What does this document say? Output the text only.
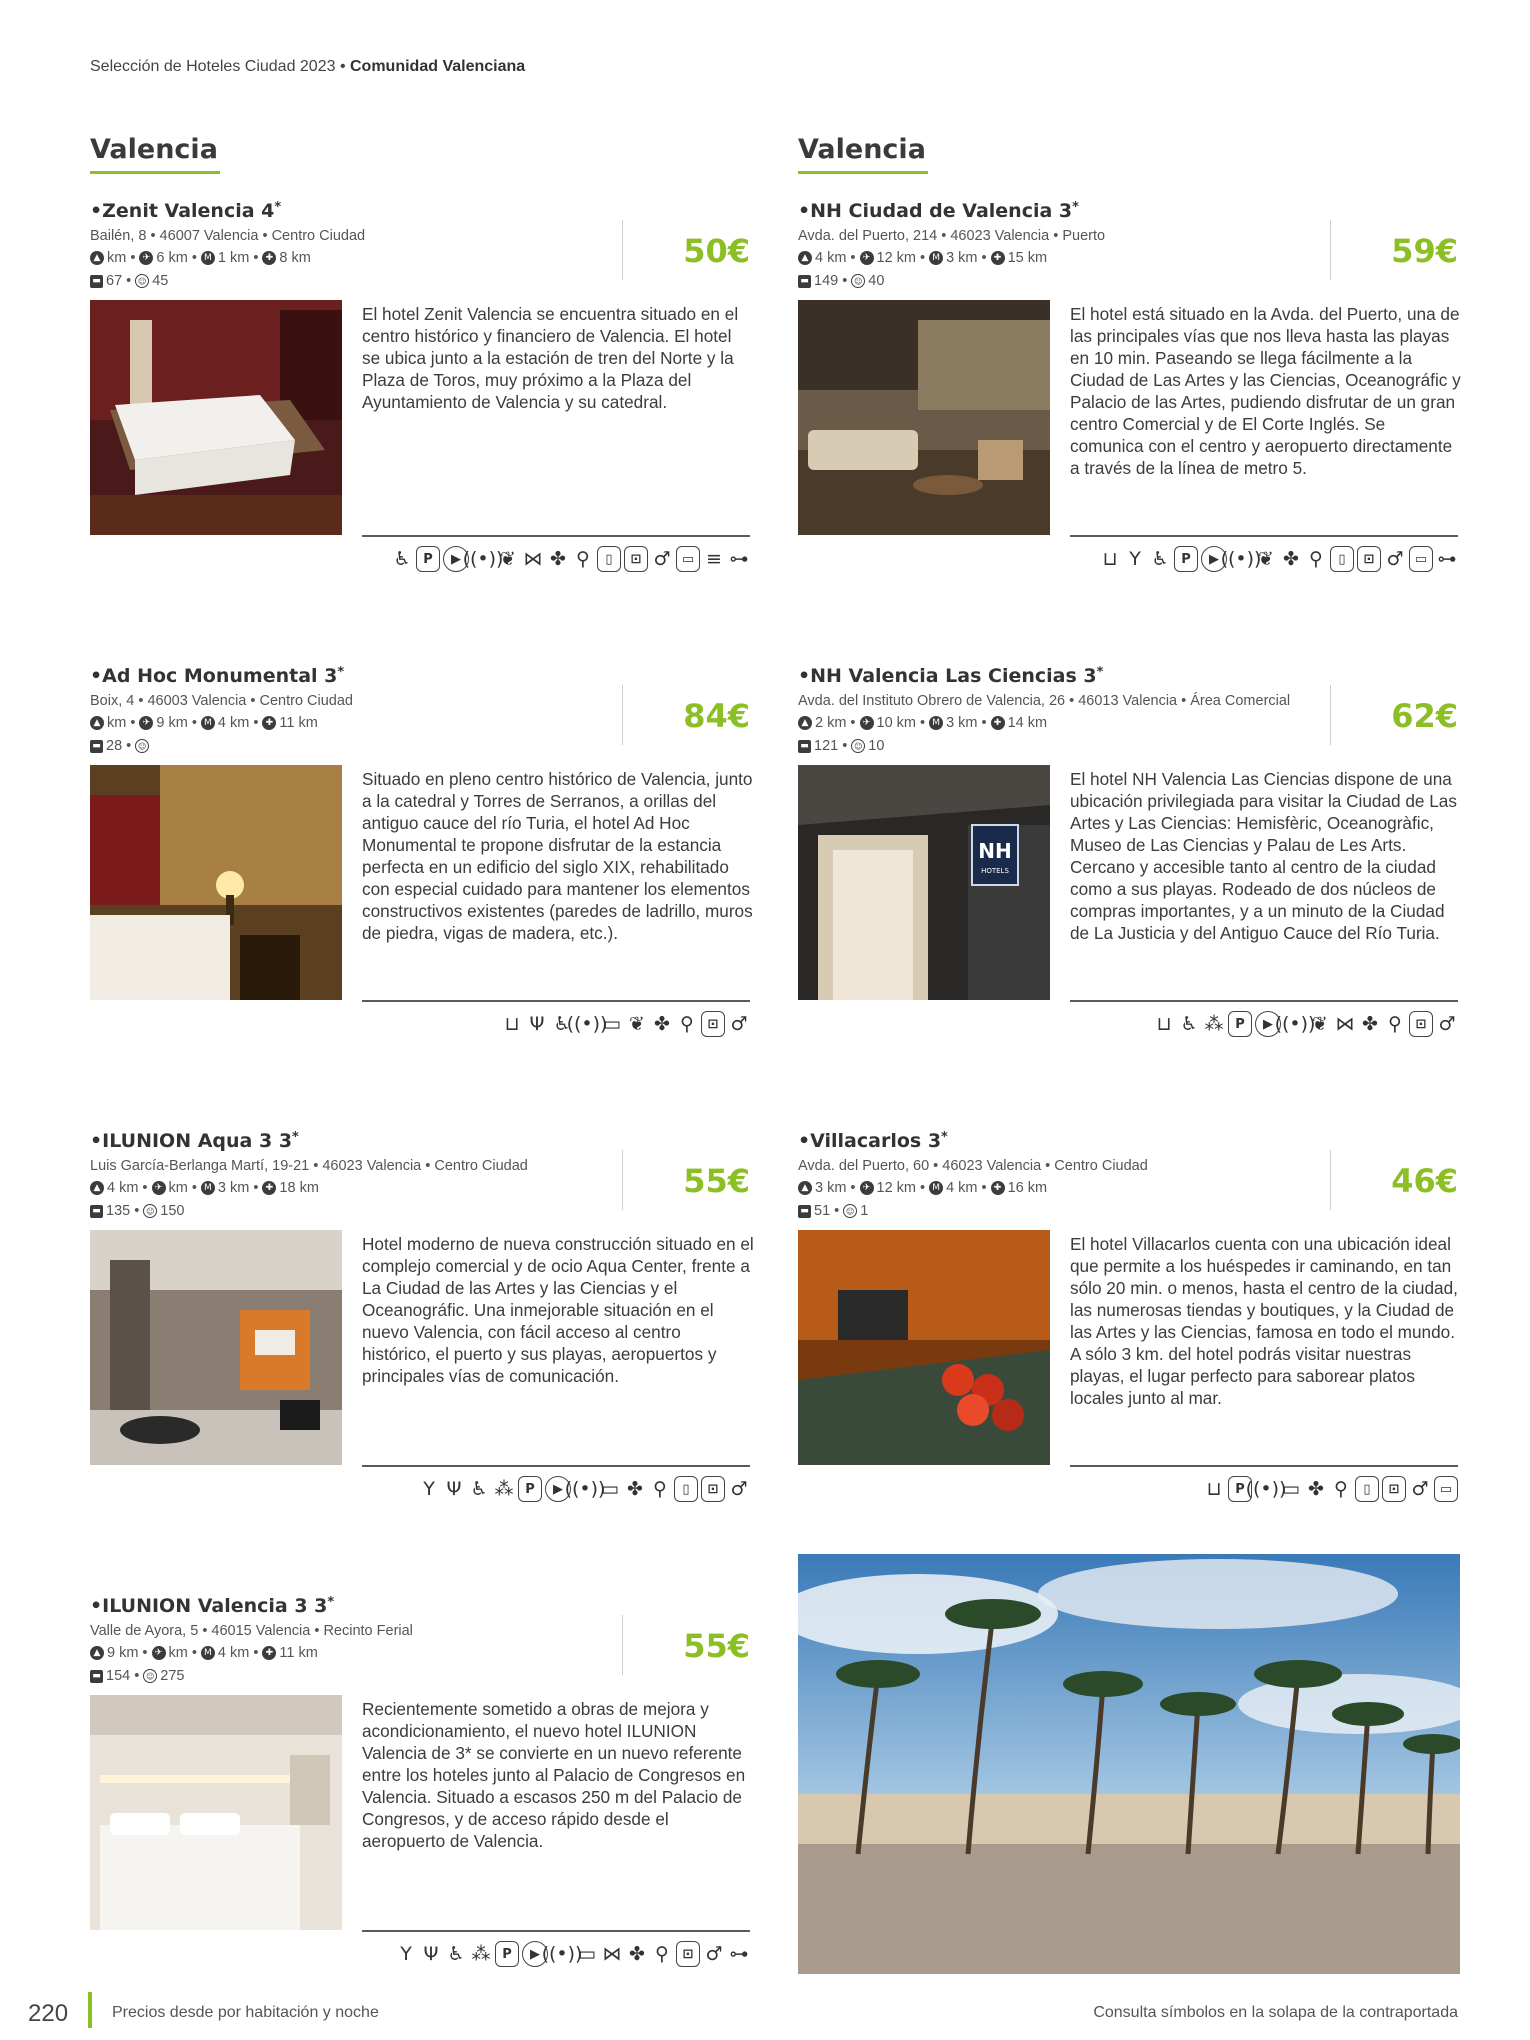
Selección de Hoteles Ciudad 2023 • Comunidad Valenciana
Valencia	Valencia
•Zenit Valencia 4*
Bailén, 8 • 46007 Valencia • Centro Ciudad
▲ km • ✈ 6 km • M 1 km • ✚ 8 km
▬ 67 • ☺ 45
50€
El hotel Zenit Valencia se encuentra situado en el centro histórico y financiero de Valencia. El hotel se ubica junto a la estación de tren del Norte y la Plaza de Toros, muy próximo a la Plaza del Ayuntamiento de Valencia y su catedral.
♿ P	▶ ((•))
❦ ⋈ ✤ ⚲	▯	⊡ ♂ ▭ ≡ ⊶
•NH Ciudad de Valencia 3*
Avda. del Puerto, 214 • 46023 Valencia • Puerto
▲ 4 km • ✈ 12 km • M 3 km • ✚ 15 km
▬ 149 • ☺ 40
59€
El hotel está situado en la Avda. del Puerto, una de las principales vías que nos lleva hasta las playas en 10 min. Paseando se llega fácilmente a la Ciudad de Las Artes y las Ciencias, Oceanográfic y Palacio de las Artes, pudiendo disfrutar de un gran centro Comercial y de El Corte Inglés. Se comunica con el centro y aeropuerto directamente a través de la línea de metro 5.
⊔ Y ♿ P	▶ ((•))
❦ ✤ ⚲	▯	⊡ ♂ ▭ ⊶
•Ad Hoc Monumental 3*
Boix, 4 • 46003 Valencia • Centro Ciudad
▲ km • ✈ 9 km • M 4 km • ✚ 11 km
▬ 28 • ☺
84€
Situado en pleno centro histórico de Valencia, junto a la catedral y Torres de Serranos, a orillas del antiguo cauce del río Turia, el hotel Ad Hoc Monumental te propone disfrutar de la estancia perfecta en un edificio del siglo XIX, rehabilitado con especial cuidado para mantener los elementos constructivos existentes (paredes de ladrillo, muros de piedra, vigas de madera, etc.).
⊔ Ψ ♿
((•))
▭ ❦ ✤ ⚲	⊡ ♂
•NH Valencia Las Ciencias 3*
Avda. del Instituto Obrero de Valencia, 26 • 46013 Valencia • Área Comercial
▲ 2 km • ✈ 10 km • M 3 km • ✚ 14 km
▬ 121 • ☺ 10
62€
NH
HOTELS
El hotel NH Valencia Las Ciencias dispone de una ubicación privilegiada para visitar la Ciudad de Las Artes y Las Ciencias: Hemisfèric, Oceanogràfic, Museo de Las Ciencias y Palau de Les Arts. Cercano y accesible tanto al centro de la ciudad como a sus playas. Rodeado de dos núcleos de compras importantes, y a un minuto de la Ciudad de La Justicia y del Antiguo Cauce del Río Turia.
⊔ ♿ ⁂ P	▶ ((•))
❦ ⋈ ✤ ⚲	⊡ ♂
•ILUNION Aqua 3 3*
Luis García-Berlanga Martí, 19-21 • 46023 Valencia • Centro Ciudad
▲ 4 km • ✈ km • M 3 km • ✚ 18 km
▬ 135 • ☺ 150
55€
Hotel moderno de nueva construcción situado en el complejo comercial y de ocio Aqua Center, frente a La Ciudad de las Artes y las Ciencias y el Oceanográfic. Una inmejorable situación en el nuevo Valencia, con fácil acceso al centro histórico, el puerto y sus playas, aeropuertos y principales vías de comunicación.
Y Ψ ♿ ⁂ P	▶ ((•))
▭ ✤ ⚲	▯	⊡ ♂
•Villacarlos 3*
Avda. del Puerto, 60 • 46023 Valencia • Centro Ciudad
▲ 3 km • ✈ 12 km • M 4 km • ✚ 16 km
▬ 51 • ☺ 1
46€
El hotel Villacarlos cuenta con una ubicación ideal que permite a los huéspedes ir caminando, en tan sólo 20 min. o menos, hasta el centro de la ciudad, las numerosas tiendas y boutiques, y la Ciudad de las Artes y las Ciencias, famosa en todo el mundo. A sólo 3 km. del hotel podrás visitar nuestras playas, el lugar perfecto para saborear platos locales junto al mar.
⊔	P ((•))
▭ ✤ ⚲	▯	⊡ ♂ ▭
•ILUNION Valencia 3 3*
Valle de Ayora, 5 • 46015 Valencia • Recinto Ferial
▲ 9 km • ✈ km • M 4 km • ✚ 11 km
▬ 154 • ☺ 275
55€
Recientemente sometido a obras de mejora y acondicionamiento, el nuevo hotel ILUNION Valencia de 3* se convierte en un nuevo referente entre los hoteles junto al Palacio de Congresos en Valencia. Situado a escasos 250 m del Palacio de Congresos, y de acceso rápido desde el aeropuerto de Valencia.
Y Ψ ♿ ⁂ P	▶ ((•))
▭ ⋈ ✤ ⚲	⊡ ♂ ⊶
220	Precios desde por habitación y noche	Consulta símbolos en la solapa de la contraportada
